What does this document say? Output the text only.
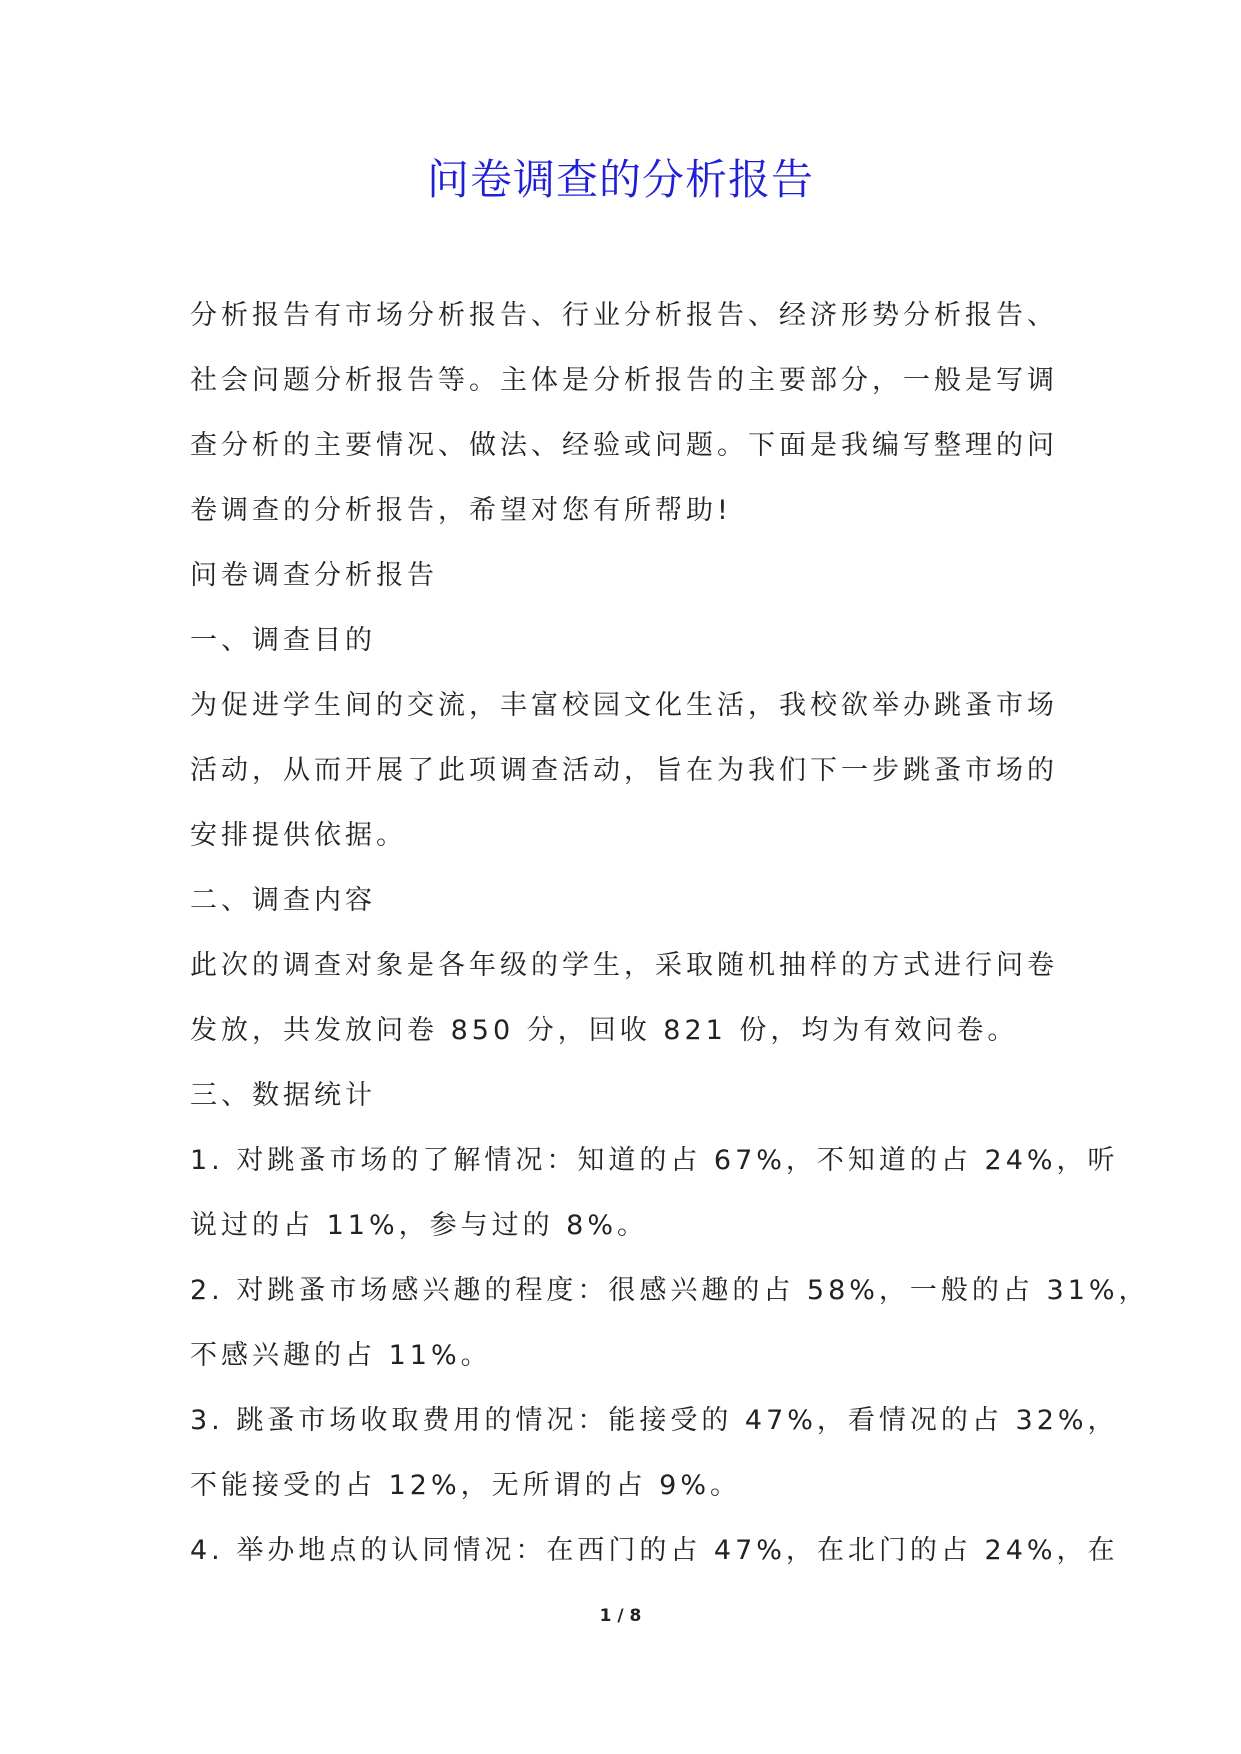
问卷调查的分析报告
分析报告有市场分析报告、行业分析报告、经济形势分析报告、
社会问题分析报告等。主体是分析报告的主要部分，一般是写调
查分析的主要情况、做法、经验或问题。下面是我编写整理的问
卷调查的分析报告，希望对您有所帮助!
问卷调查分析报告
一、调查目的
为促进学生间的交流，丰富校园文化生活，我校欲举办跳蚤市场
活动，从而开展了此项调查活动，旨在为我们下一步跳蚤市场的
安排提供依据。
二、调查内容
此次的调查对象是各年级的学生，采取随机抽样的方式进行问卷
发放，共发放问卷 850 分，回收 821 份，均为有效问卷。
三、数据统计
1. 对跳蚤市场的了解情况：知道的占 67%，不知道的占 24%，听
说过的占 11%，参与过的 8%。
2. 对跳蚤市场感兴趣的程度：很感兴趣的占 58%，一般的占 31%，
不感兴趣的占 11%。
3. 跳蚤市场收取费用的情况：能接受的 47%，看情况的占 32%，
不能接受的占 12%，无所谓的占 9%。
4. 举办地点的认同情况：在西门的占 47%，在北门的占 24%，在
1 / 8
